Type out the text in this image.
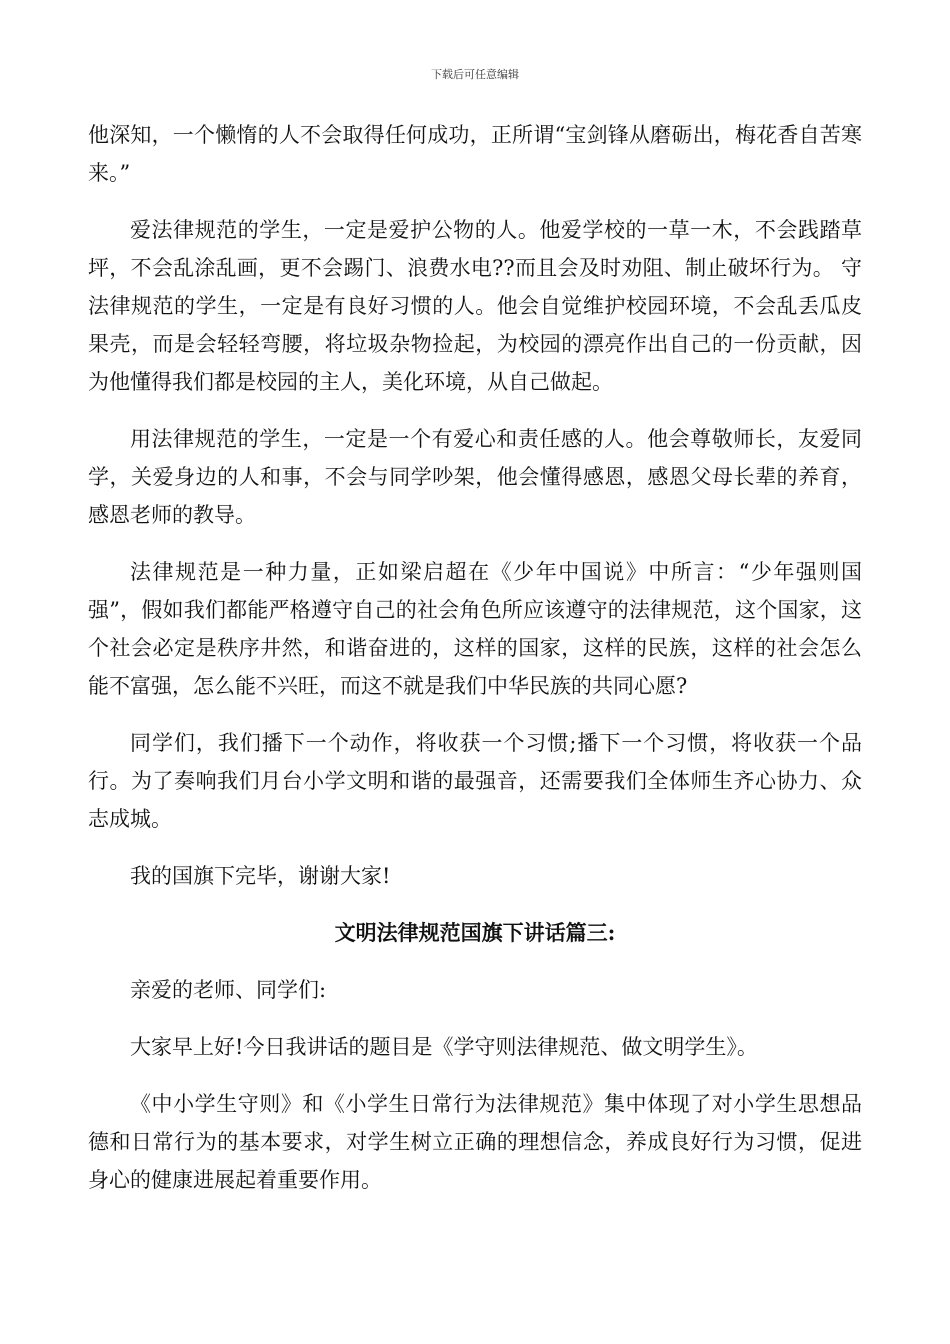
下载后可任意编辑

他深知，一个懒惰的人不会取得任何成功，正所谓“宝剑锋从磨砺出，梅花香自苦寒来。”

爱法律规范的学生，一定是爱护公物的人。他爱学校的一草一木，不会践踏草坪，不会乱涂乱画，更不会踢门、浪费水电??而且会及时劝阻、制止破坏行为。 守法律规范的学生，一定是有良好习惯的人。他会自觉维护校园环境，不会乱丢瓜皮果壳，而是会轻轻弯腰，将垃圾杂物捡起，为校园的漂亮作出自己的一份贡献，因为他懂得我们都是校园的主人，美化环境，从自己做起。

用法律规范的学生，一定是一个有爱心和责任感的人。他会尊敬师长，友爱同学，关爱身边的人和事，不会与同学吵架，他会懂得感恩，感恩父母长辈的养育，感恩老师的教导。

法律规范是一种力量，正如梁启超在《少年中国说》中所言：“少年强则国强”，假如我们都能严格遵守自己的社会角色所应该遵守的法律规范，这个国家，这个社会必定是秩序井然，和谐奋进的，这样的国家，这样的民族，这样的社会怎么能不富强，怎么能不兴旺，而这不就是我们中华民族的共同心愿?

同学们，我们播下一个动作，将收获一个习惯;播下一个习惯，将收获一个品行。为了奏响我们月台小学文明和谐的最强音，还需要我们全体师生齐心协力、众志成城。

我的国旗下完毕，谢谢大家!

文明法律规范国旗下讲话篇三:

亲爱的老师、同学们:

大家早上好!今日我讲话的题目是《学守则法律规范、做文明学生》。

《中小学生守则》和《小学生日常行为法律规范》集中体现了对小学生思想品德和日常行为的基本要求，对学生树立正确的理想信念，养成良好行为习惯，促进身心的健康进展起着重要作用。
